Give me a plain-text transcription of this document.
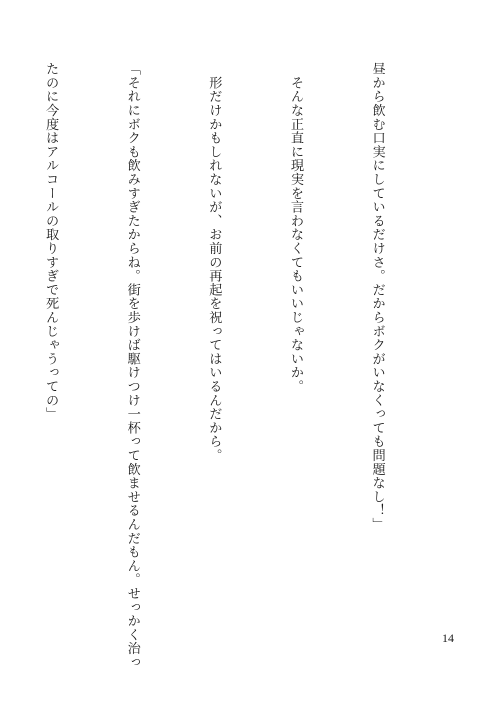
昼から飲む口実にしているだけさ。だからボクがいなくっても問題なし！」

　そんな正直に現実を言わなくてもいいじゃないか。

　形だけかもしれないが、お前の再起を祝ってはいるんだから。

「それにボクも飲みすぎたからね。街を歩けば駆けつけ一杯って飲ませるんだもん。せっかく治っ

たのに今度はアルコールの取りすぎで死んじゃうっての」

14
